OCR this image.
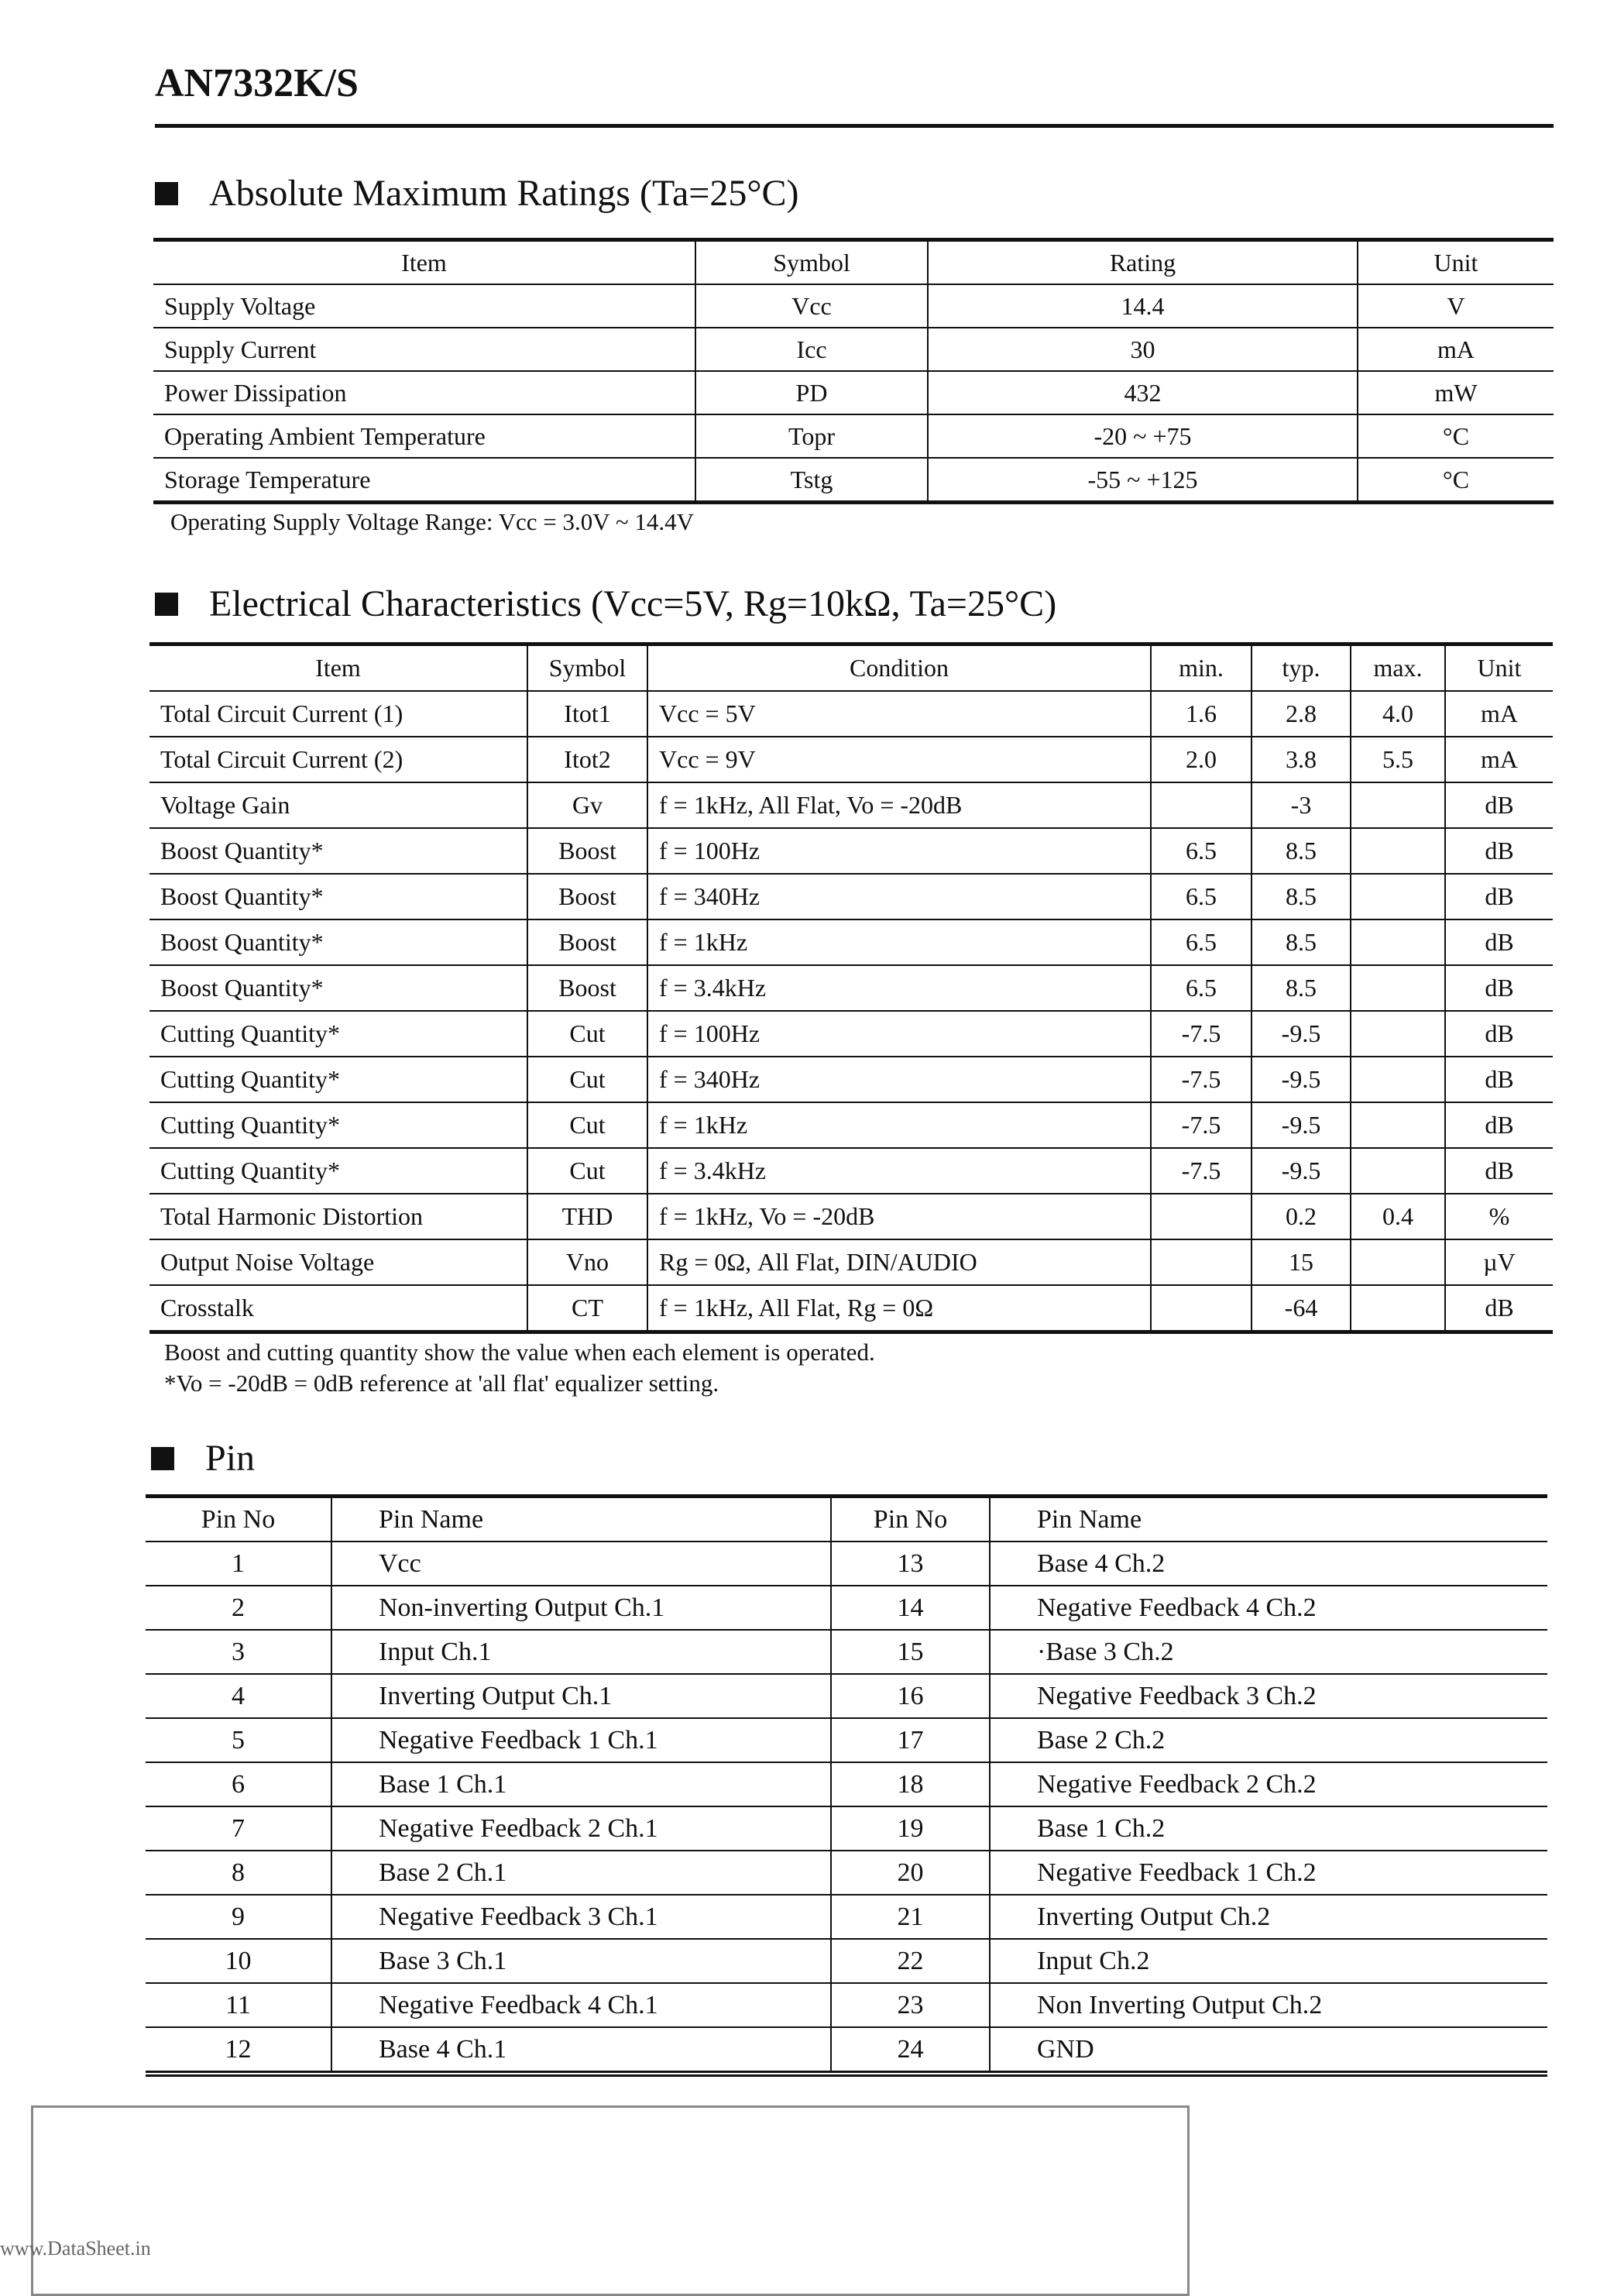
AN7332K/S
Absolute Maximum Ratings (Ta=25°C)
Item	Symbol	Rating	Unit
Supply Voltage	Vcc	14.4	V
Supply Current	Icc	30	mA
Power Dissipation	PD	432	mW
Operating Ambient Temperature	Topr	-20 ~ +75	°C
Storage Temperature	Tstg	-55 ~ +125	°C
Operating Supply Voltage Range: Vcc = 3.0V ~ 14.4V
Electrical Characteristics (Vcc=5V, Rg=10kΩ, Ta=25°C)
Item	Symbol	Condition	min.	typ.	max.	Unit
Total Circuit Current (1)	Itot1	Vcc = 5V	1.6	2.8	4.0	mA
Total Circuit Current (2)	Itot2	Vcc = 9V	2.0	3.8	5.5	mA
Voltage Gain	Gv	f = 1kHz, All Flat, Vo = -20dB		-3		dB
Boost Quantity*	Boost	f = 100Hz	6.5	8.5		dB
Boost Quantity*	Boost	f = 340Hz	6.5	8.5		dB
Boost Quantity*	Boost	f = 1kHz	6.5	8.5		dB
Boost Quantity*	Boost	f = 3.4kHz	6.5	8.5		dB
Cutting Quantity*	Cut	f = 100Hz	-7.5	-9.5		dB
Cutting Quantity*	Cut	f = 340Hz	-7.5	-9.5		dB
Cutting Quantity*	Cut	f = 1kHz	-7.5	-9.5		dB
Cutting Quantity*	Cut	f = 3.4kHz	-7.5	-9.5		dB
Total Harmonic Distortion	THD	f = 1kHz, Vo = -20dB		0.2	0.4	%
Output Noise Voltage	Vno	Rg = 0Ω, All Flat, DIN/AUDIO		15		µV
Crosstalk	CT	f = 1kHz, All Flat, Rg = 0Ω		-64		dB
Boost and cutting quantity show the value when each element is operated.
*Vo = -20dB = 0dB reference at 'all flat' equalizer setting.
Pin
Pin No	Pin Name	Pin No	Pin Name
1	Vcc	13	Base 4 Ch.2
2	Non-inverting Output Ch.1	14	Negative Feedback 4 Ch.2
3	Input Ch.1	15	·Base 3 Ch.2
4	Inverting Output Ch.1	16	Negative Feedback 3 Ch.2
5	Negative Feedback 1 Ch.1	17	Base 2 Ch.2
6	Base 1 Ch.1	18	Negative Feedback 2 Ch.2
7	Negative Feedback 2 Ch.1	19	Base 1 Ch.2
8	Base 2 Ch.1	20	Negative Feedback 1 Ch.2
9	Negative Feedback 3 Ch.1	21	Inverting Output Ch.2
10	Base 3 Ch.1	22	Input Ch.2
11	Negative Feedback 4 Ch.1	23	Non Inverting Output Ch.2
12	Base 4 Ch.1	24	GND
www.DataSheet.in
